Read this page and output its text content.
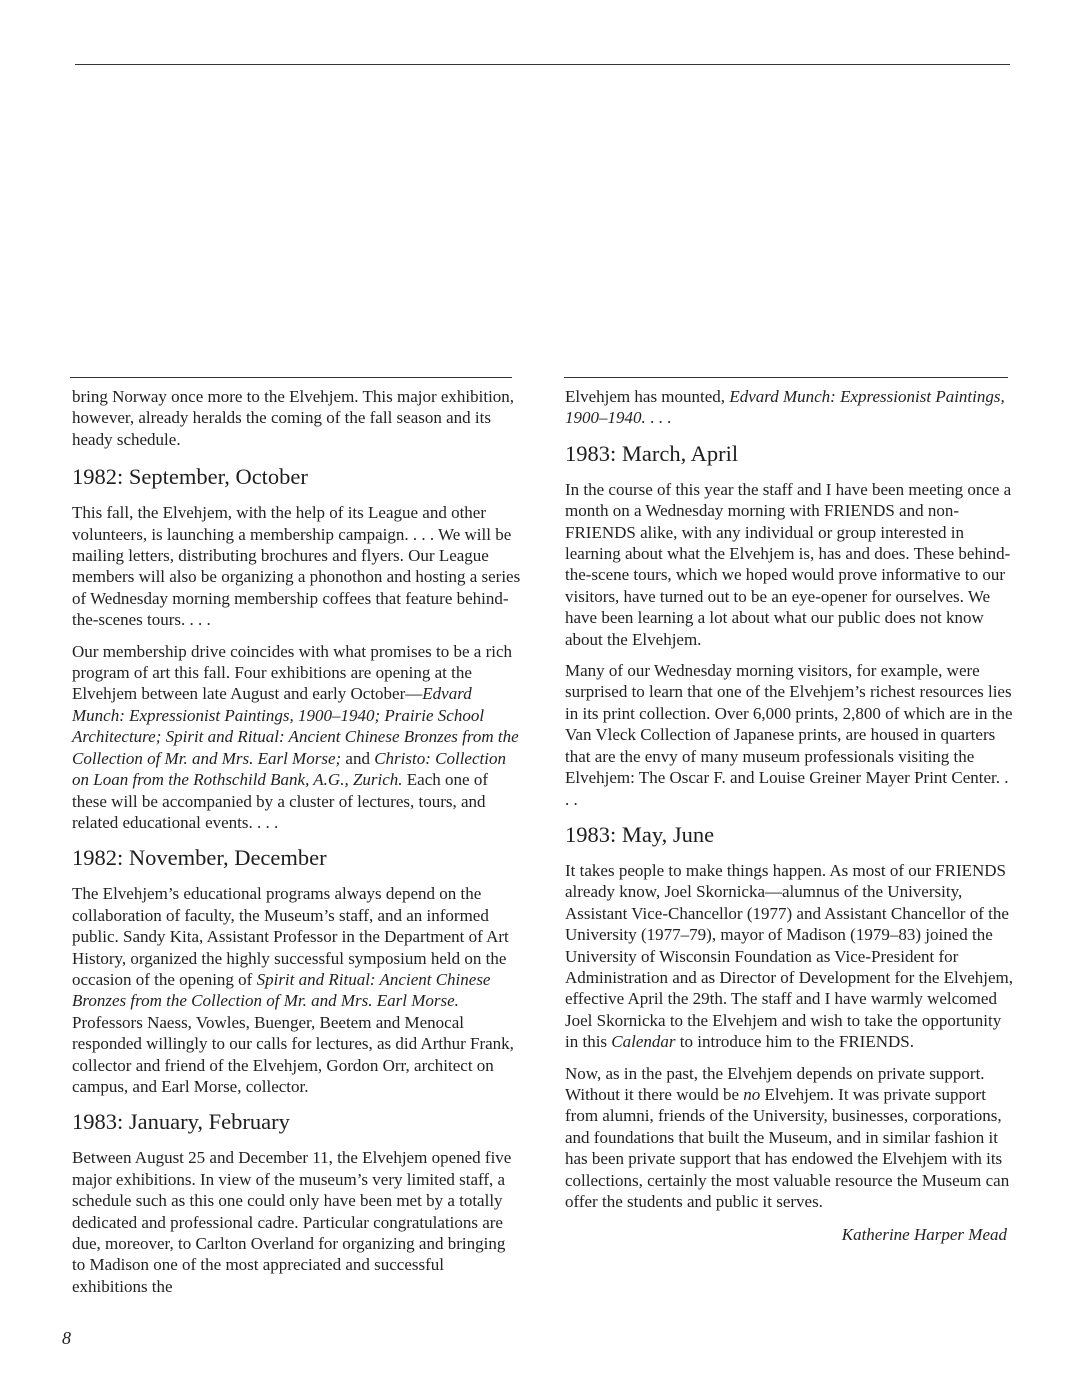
bring Norway once more to the Elvehjem. This major exhibition, however, already heralds the coming of the fall season and its heady schedule.

1982: September, October

This fall, the Elvehjem, with the help of its League and other volunteers, is launching a membership campaign. . . . We will be mailing letters, distributing brochures and flyers. Our League members will also be organizing a phonothon and hosting a series of Wednesday morning membership coffees that feature behind-the-scenes tours. . . .

Our membership drive coincides with what promises to be a rich program of art this fall. Four exhibitions are opening at the Elvehjem between late August and early October—Edvard Munch: Expressionist Paintings, 1900–1940; Prairie School Architecture; Spirit and Ritual: Ancient Chinese Bronzes from the Collection of Mr. and Mrs. Earl Morse; and Christo: Collection on Loan from the Rothschild Bank, A.G., Zurich. Each one of these will be accompanied by a cluster of lectures, tours, and related educational events. . . .

1982: November, December

The Elvehjem’s educational programs always depend on the collaboration of faculty, the Museum’s staff, and an informed public. Sandy Kita, Assistant Professor in the Department of Art History, organized the highly successful symposium held on the occasion of the opening of Spirit and Ritual: Ancient Chinese Bronzes from the Collection of Mr. and Mrs. Earl Morse. Professors Naess, Vowles, Buenger, Beetem and Menocal responded willingly to our calls for lectures, as did Arthur Frank, collector and friend of the Elvehjem, Gordon Orr, architect on campus, and Earl Morse, collector.

1983: January, February

Between August 25 and December 11, the Elvehjem opened five major exhibitions. In view of the museum’s very limited staff, a schedule such as this one could only have been met by a totally dedicated and professional cadre. Particular congratulations are due, moreover, to Carlton Overland for organizing and bringing to Madison one of the most appreciated and successful exhibitions the

Elvehjem has mounted, Edvard Munch: Expressionist Paintings, 1900–1940. . . .

1983: March, April

In the course of this year the staff and I have been meeting once a month on a Wednesday morning with FRIENDS and non-FRIENDS alike, with any individual or group interested in learning about what the Elvehjem is, has and does. These behind-the-scene tours, which we hoped would prove informative to our visitors, have turned out to be an eye-opener for ourselves. We have been learning a lot about what our public does not know about the Elvehjem.

Many of our Wednesday morning visitors, for example, were surprised to learn that one of the Elvehjem’s richest resources lies in its print collection. Over 6,000 prints, 2,800 of which are in the Van Vleck Collection of Japanese prints, are housed in quarters that are the envy of many museum professionals visiting the Elvehjem: The Oscar F. and Louise Greiner Mayer Print Center. . . .

1983: May, June

It takes people to make things happen. As most of our FRIENDS already know, Joel Skornicka—alumnus of the University, Assistant Vice-Chancellor (1977) and Assistant Chancellor of the University (1977–79), mayor of Madison (1979–83) joined the University of Wisconsin Foundation as Vice-President for Administration and as Director of Development for the Elvehjem, effective April the 29th. The staff and I have warmly welcomed Joel Skornicka to the Elvehjem and wish to take the opportunity in this Calendar to introduce him to the FRIENDS.

Now, as in the past, the Elvehjem depends on private support. Without it there would be no Elvehjem. It was private support from alumni, friends of the University, businesses, corporations, and foundations that built the Museum, and in similar fashion it has been private support that has endowed the Elvehjem with its collections, certainly the most valuable resource the Museum can offer the students and public it serves.

Katherine Harper Mead
8
